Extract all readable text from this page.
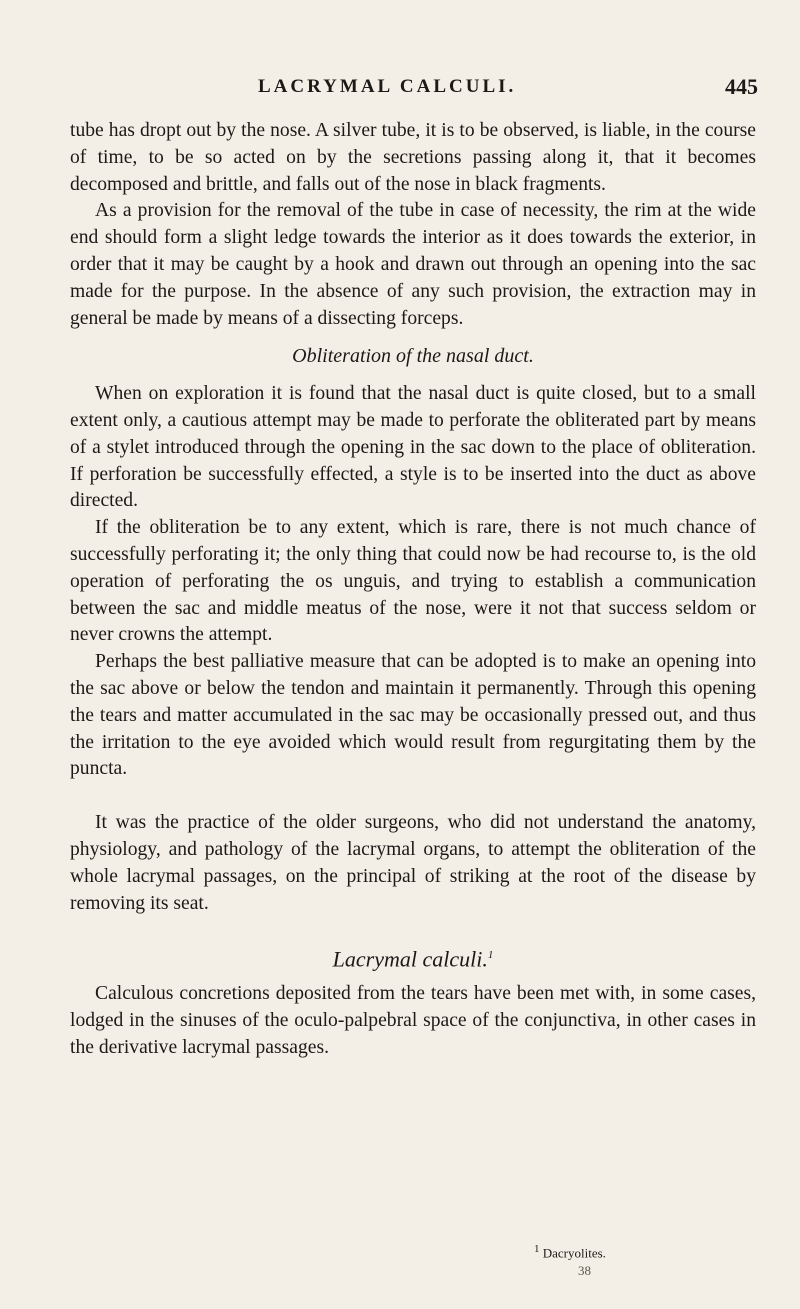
LACRYMAL CALCULI.	445

tube has dropt out by the nose. A silver tube, it is to be observed, is liable, in the course of time, to be so acted on by the secretions passing along it, that it becomes decomposed and brittle, and falls out of the nose in black fragments.

As a provision for the removal of the tube in case of necessity, the rim at the wide end should form a slight ledge towards the interior as it does towards the exterior, in order that it may be caught by a hook and drawn out through an opening into the sac made for the purpose. In the absence of any such provision, the extraction may in general be made by means of a dissecting forceps.

Obliteration of the nasal duct.

When on exploration it is found that the nasal duct is quite closed, but to a small extent only, a cautious attempt may be made to perforate the obliterated part by means of a stylet introduced through the opening in the sac down to the place of obliteration. If perforation be successfully effected, a style is to be inserted into the duct as above directed.

If the obliteration be to any extent, which is rare, there is not much chance of successfully perforating it; the only thing that could now be had recourse to, is the old operation of perforating the os unguis, and trying to establish a communication between the sac and middle meatus of the nose, were it not that success seldom or never crowns the attempt.

Perhaps the best palliative measure that can be adopted is to make an opening into the sac above or below the tendon and maintain it permanently. Through this opening the tears and matter accumulated in the sac may be occasionally pressed out, and thus the irritation to the eye avoided which would result from regurgitating them by the puncta.

It was the practice of the older surgeons, who did not understand the anatomy, physiology, and pathology of the lacrymal organs, to attempt the obliteration of the whole lacrymal passages, on the principal of striking at the root of the disease by removing its seat.

Lacrymal calculi.$^1$

Calculous concretions deposited from the tears have been met with, in some cases, lodged in the sinuses of the oculo-palpebral space of the conjunctiva, in other cases in the derivative lacrymal passages.

$^1$ Dacryolites.
38
